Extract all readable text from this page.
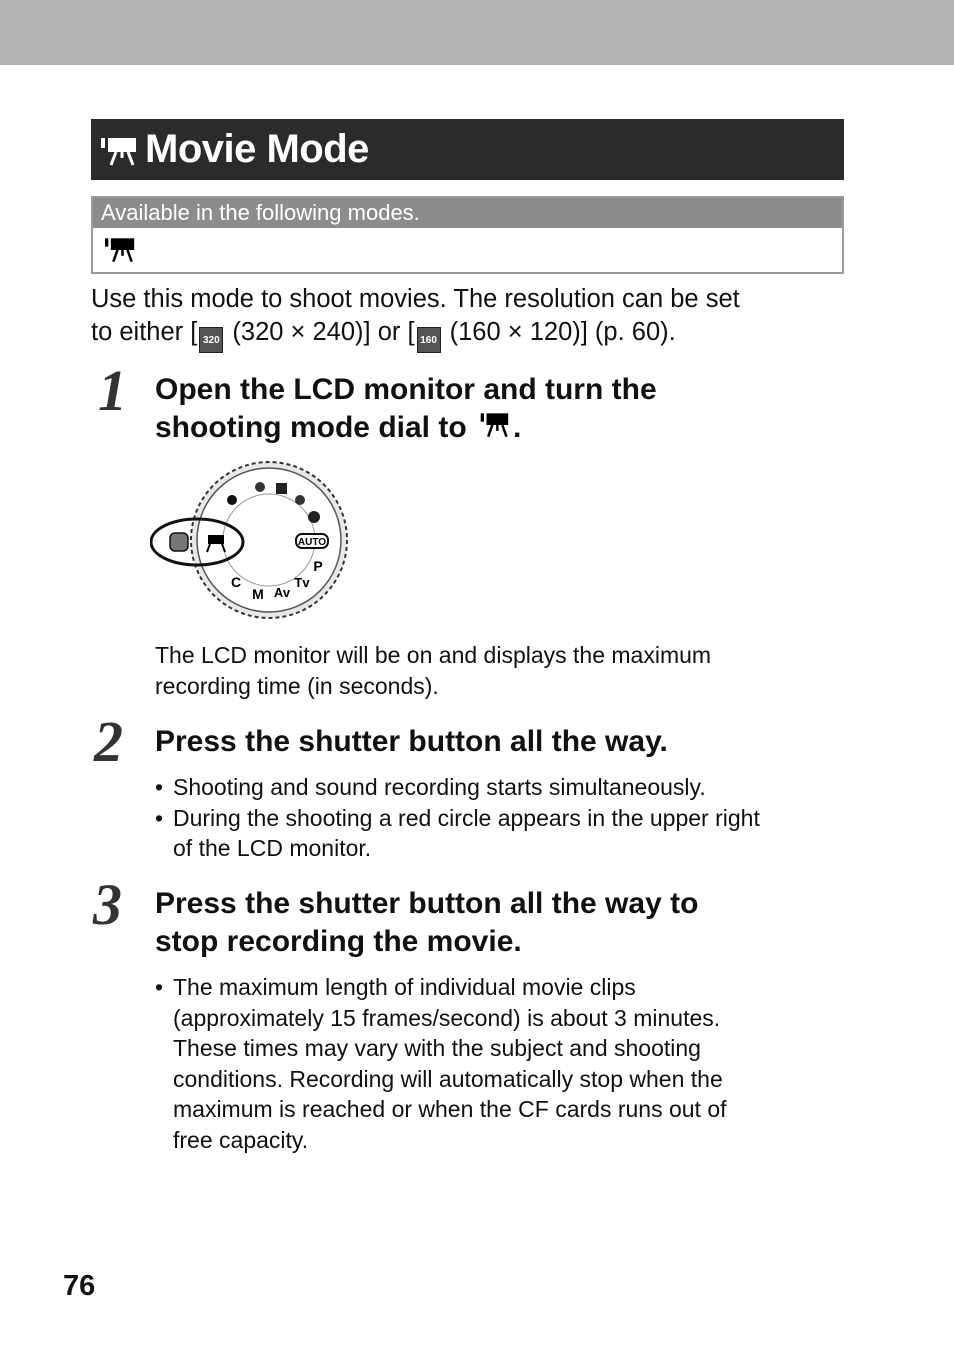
Movie Mode
Available in the following modes.
Use this mode to shoot movies. The resolution can be set
to either [ 320 (320 × 240)] or [ 160 (160 × 120)] (p. 60).
1 Open the LCD monitor and turn the
shooting mode dial to .
AUTO
P
Tv
Av
M
C
The LCD monitor will be on and displays the maximum
recording time (in seconds).
2 Press the shutter button all the way.
• Shooting and sound recording starts simultaneously.
• During the shooting a red circle appears in the upper right
of the LCD monitor.
3 Press the shutter button all the way to
stop recording the movie.
• The maximum length of individual movie clips
(approximately 15 frames/second) is about 3 minutes.
These times may vary with the subject and shooting
conditions. Recording will automatically stop when the
maximum is reached or when the CF cards runs out of
free capacity.
76
